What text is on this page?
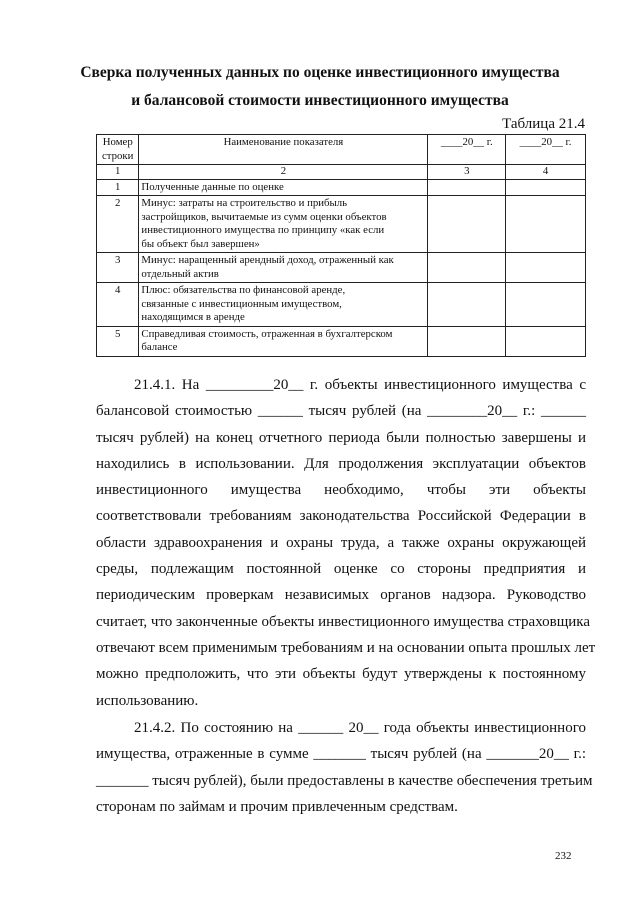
Сверка полученных данных по оценке инвестиционного имущества
и балансовой стоимости инвестиционного имущества
Таблица 21.4
Номер
строки	Наименование показателя	____20__ г.	____20__ г.
1	2	3	4
1	Полученные данные по оценке		

2	Минус: затраты на строительство и прибыль
застройщиков, вычитаемые из сумм оценки объектов
инвестиционного имущества по принципу «как если
бы объект был завершен»		

3	Минус: наращенный арендный доход, отраженный как
отдельный актив		

4	Плюс: обязательства по финансовой аренде,
связанные с инвестиционным имуществом,
находящимся в аренде		

5	Справедливая стоимость, отраженная в бухгалтерском
балансе		

21.4.1. На _________20__ г. объекты инвестиционного имущества с
балансовой стоимостью ______ тысяч рублей (на ________20__ г.: ______
тысяч рублей) на конец отчетного периода были полностью завершены и
находились в использовании. Для продолжения эксплуатации объектов
инвестиционного имущества необходимо, чтобы эти объекты
соответствовали требованиям законодательства Российской Федерации в
области здравоохранения и охраны труда, а также охраны окружающей
среды, подлежащим постоянной оценке со стороны предприятия и
периодическим проверкам независимых органов надзора. Руководство
считает, что законченные объекты инвестиционного имущества страховщика
отвечают всем применимым требованиям и на основании опыта прошлых лет
можно предположить, что эти объекты будут утверждены к постоянному
использованию.
21.4.2. По состоянию на ______ 20__ года объекты инвестиционного
имущества, отраженные в сумме _______ тысяч рублей (на _______20__ г.:
_______ тысяч рублей), были предоставлены в качестве обеспечения третьим
сторонам по займам и прочим привлеченным средствам.
232
